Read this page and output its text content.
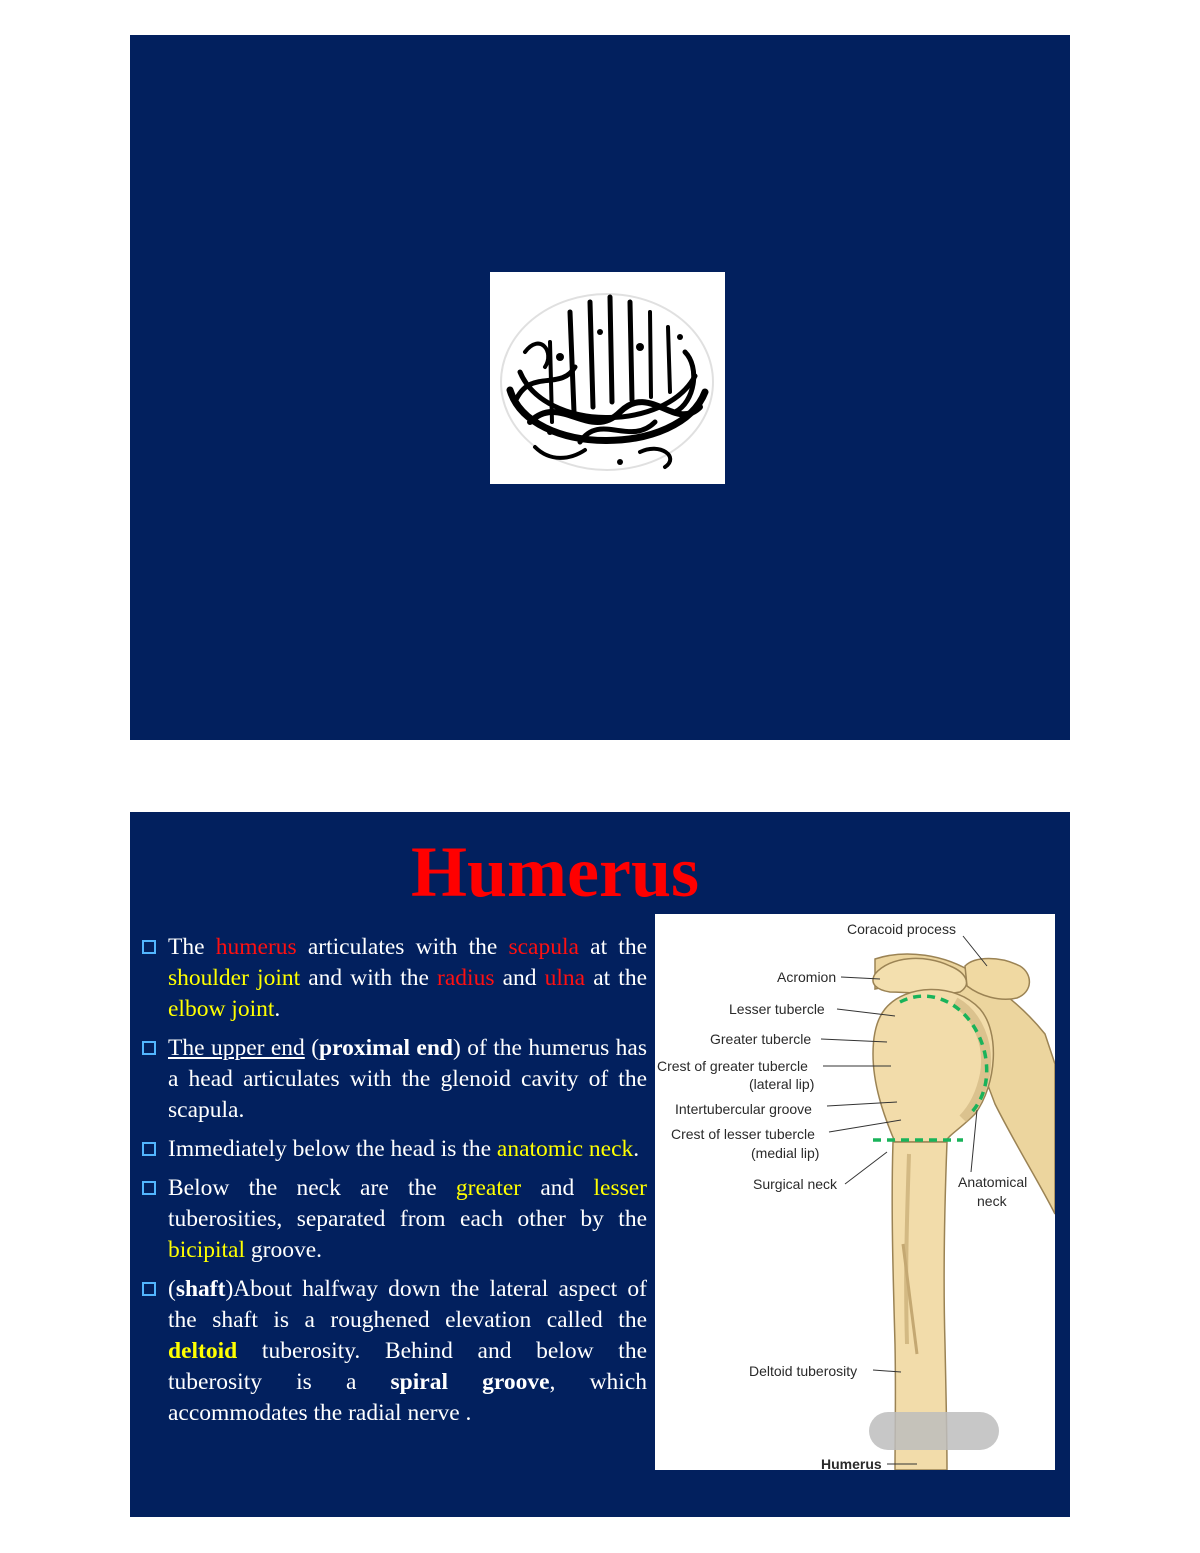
Humerus
The humerus articulates with the scapula at the shoulder joint and with the radius and ulna at the elbow joint.
The upper end (proximal end) of the humerus has a head articulates with the glenoid cavity of the scapula.
Immediately below the head is the anatomic neck.
Below the neck are the greater and lesser tuberosities, separated from each other by the bicipital groove.
(shaft)About halfway down the lateral aspect of the shaft is a roughened elevation called the deltoid tuberosity. Behind and below the tuberosity is a spiral groove, which accommodates the radial nerve .
Coracoid process
Acromion
Lesser tubercle
Greater tubercle
Crest of greater tubercle
(lateral lip)
Intertubercular groove
Crest of lesser tubercle
(medial lip)
Surgical neck	Anatomical
neck
Deltoid tuberosity
Humerus
